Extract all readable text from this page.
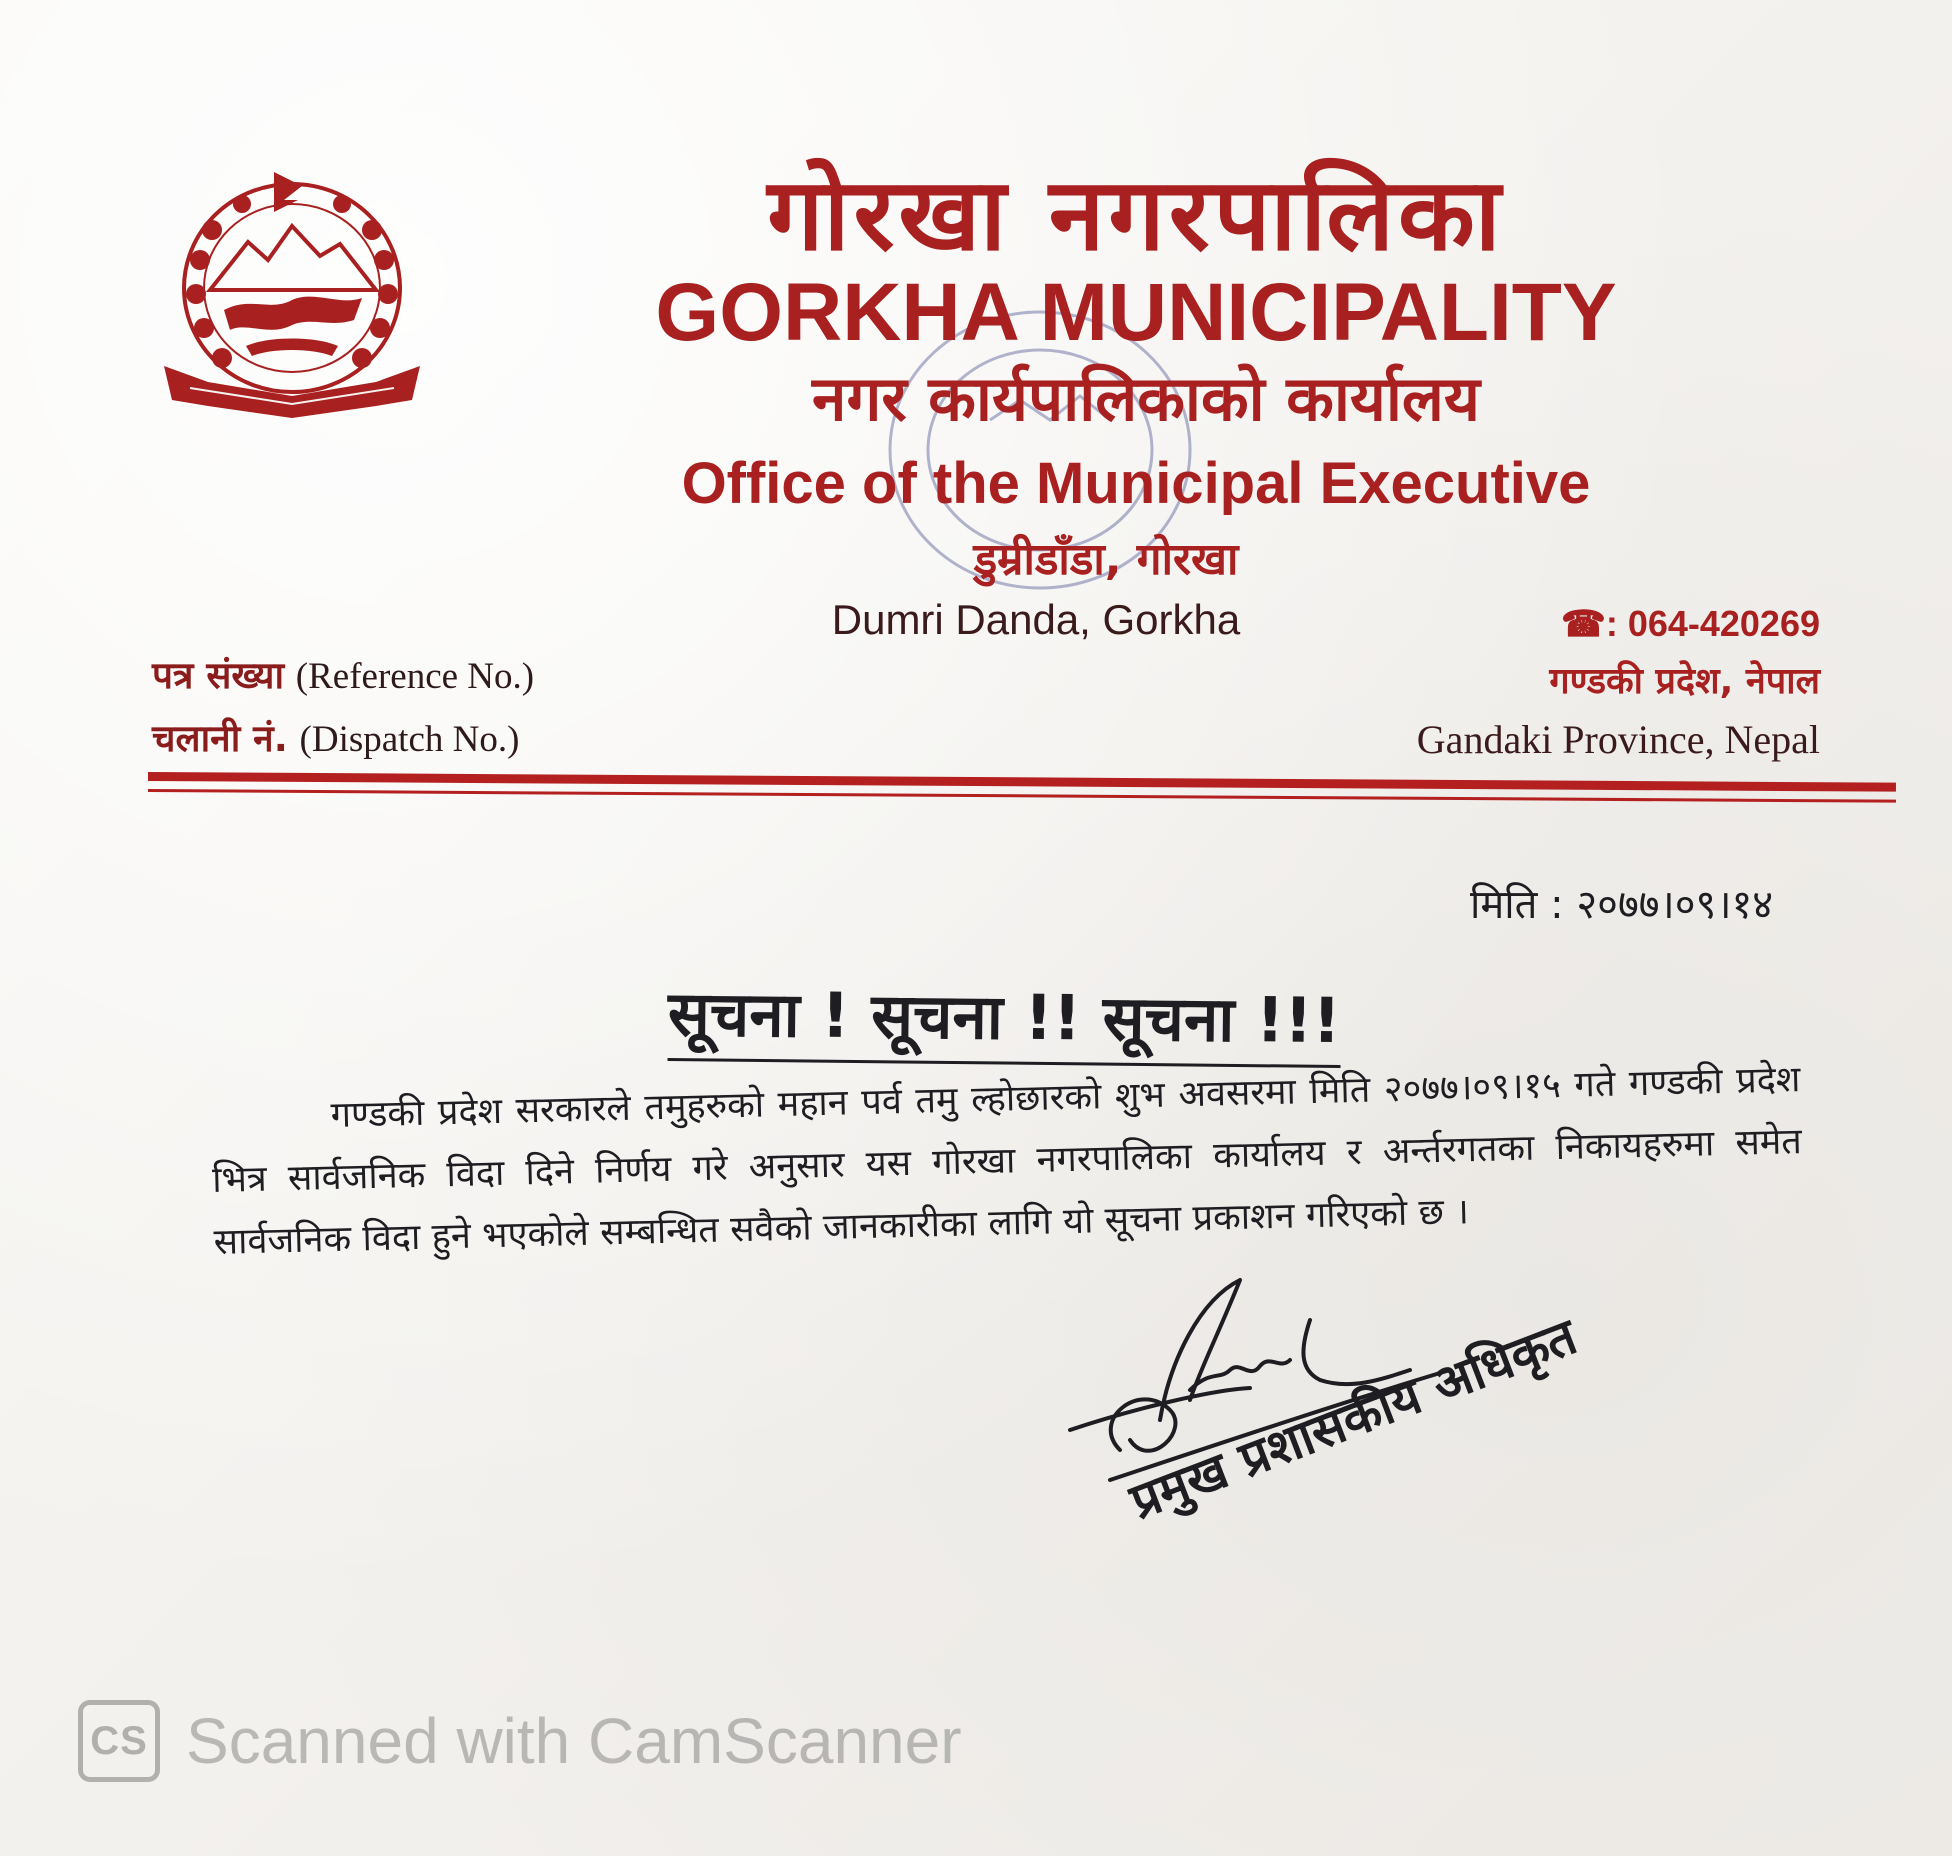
गोरखा नगरपालिका
GORKHA MUNICIPALITY
नगर कार्यपालिकाको कार्यालय
Office of the Municipal Executive
डुम्रीडाँडा, गोरखा
Dumri Danda, Gorkha
पत्र संख्या (Reference No.)
चलानी नं. (Dispatch No.)
☎: 064-420269
गण्डकी प्रदेश, नेपाल
Gandaki Province, Nepal
मिति : २०७७।०९।१४
सूचना ! सूचना !! सूचना !!!
गण्डकी प्रदेश सरकारले तमुहरुको महान पर्व तमु ल्होछारको शुभ अवसरमा मिति २०७७।०९।१५ गते गण्डकी प्रदेश भित्र सार्वजनिक विदा दिने निर्णय गरे अनुसार यस गोरखा नगरपालिका कार्यालय र अर्न्तरगतका निकायहरुमा समेत सार्वजनिक विदा हुने भएकोले सम्बन्धित सवैको जानकारीका लागि यो सूचना प्रकाशन गरिएको छ ।
प्रमुख प्रशासकीय अधिकृत
CS Scanned with CamScanner
